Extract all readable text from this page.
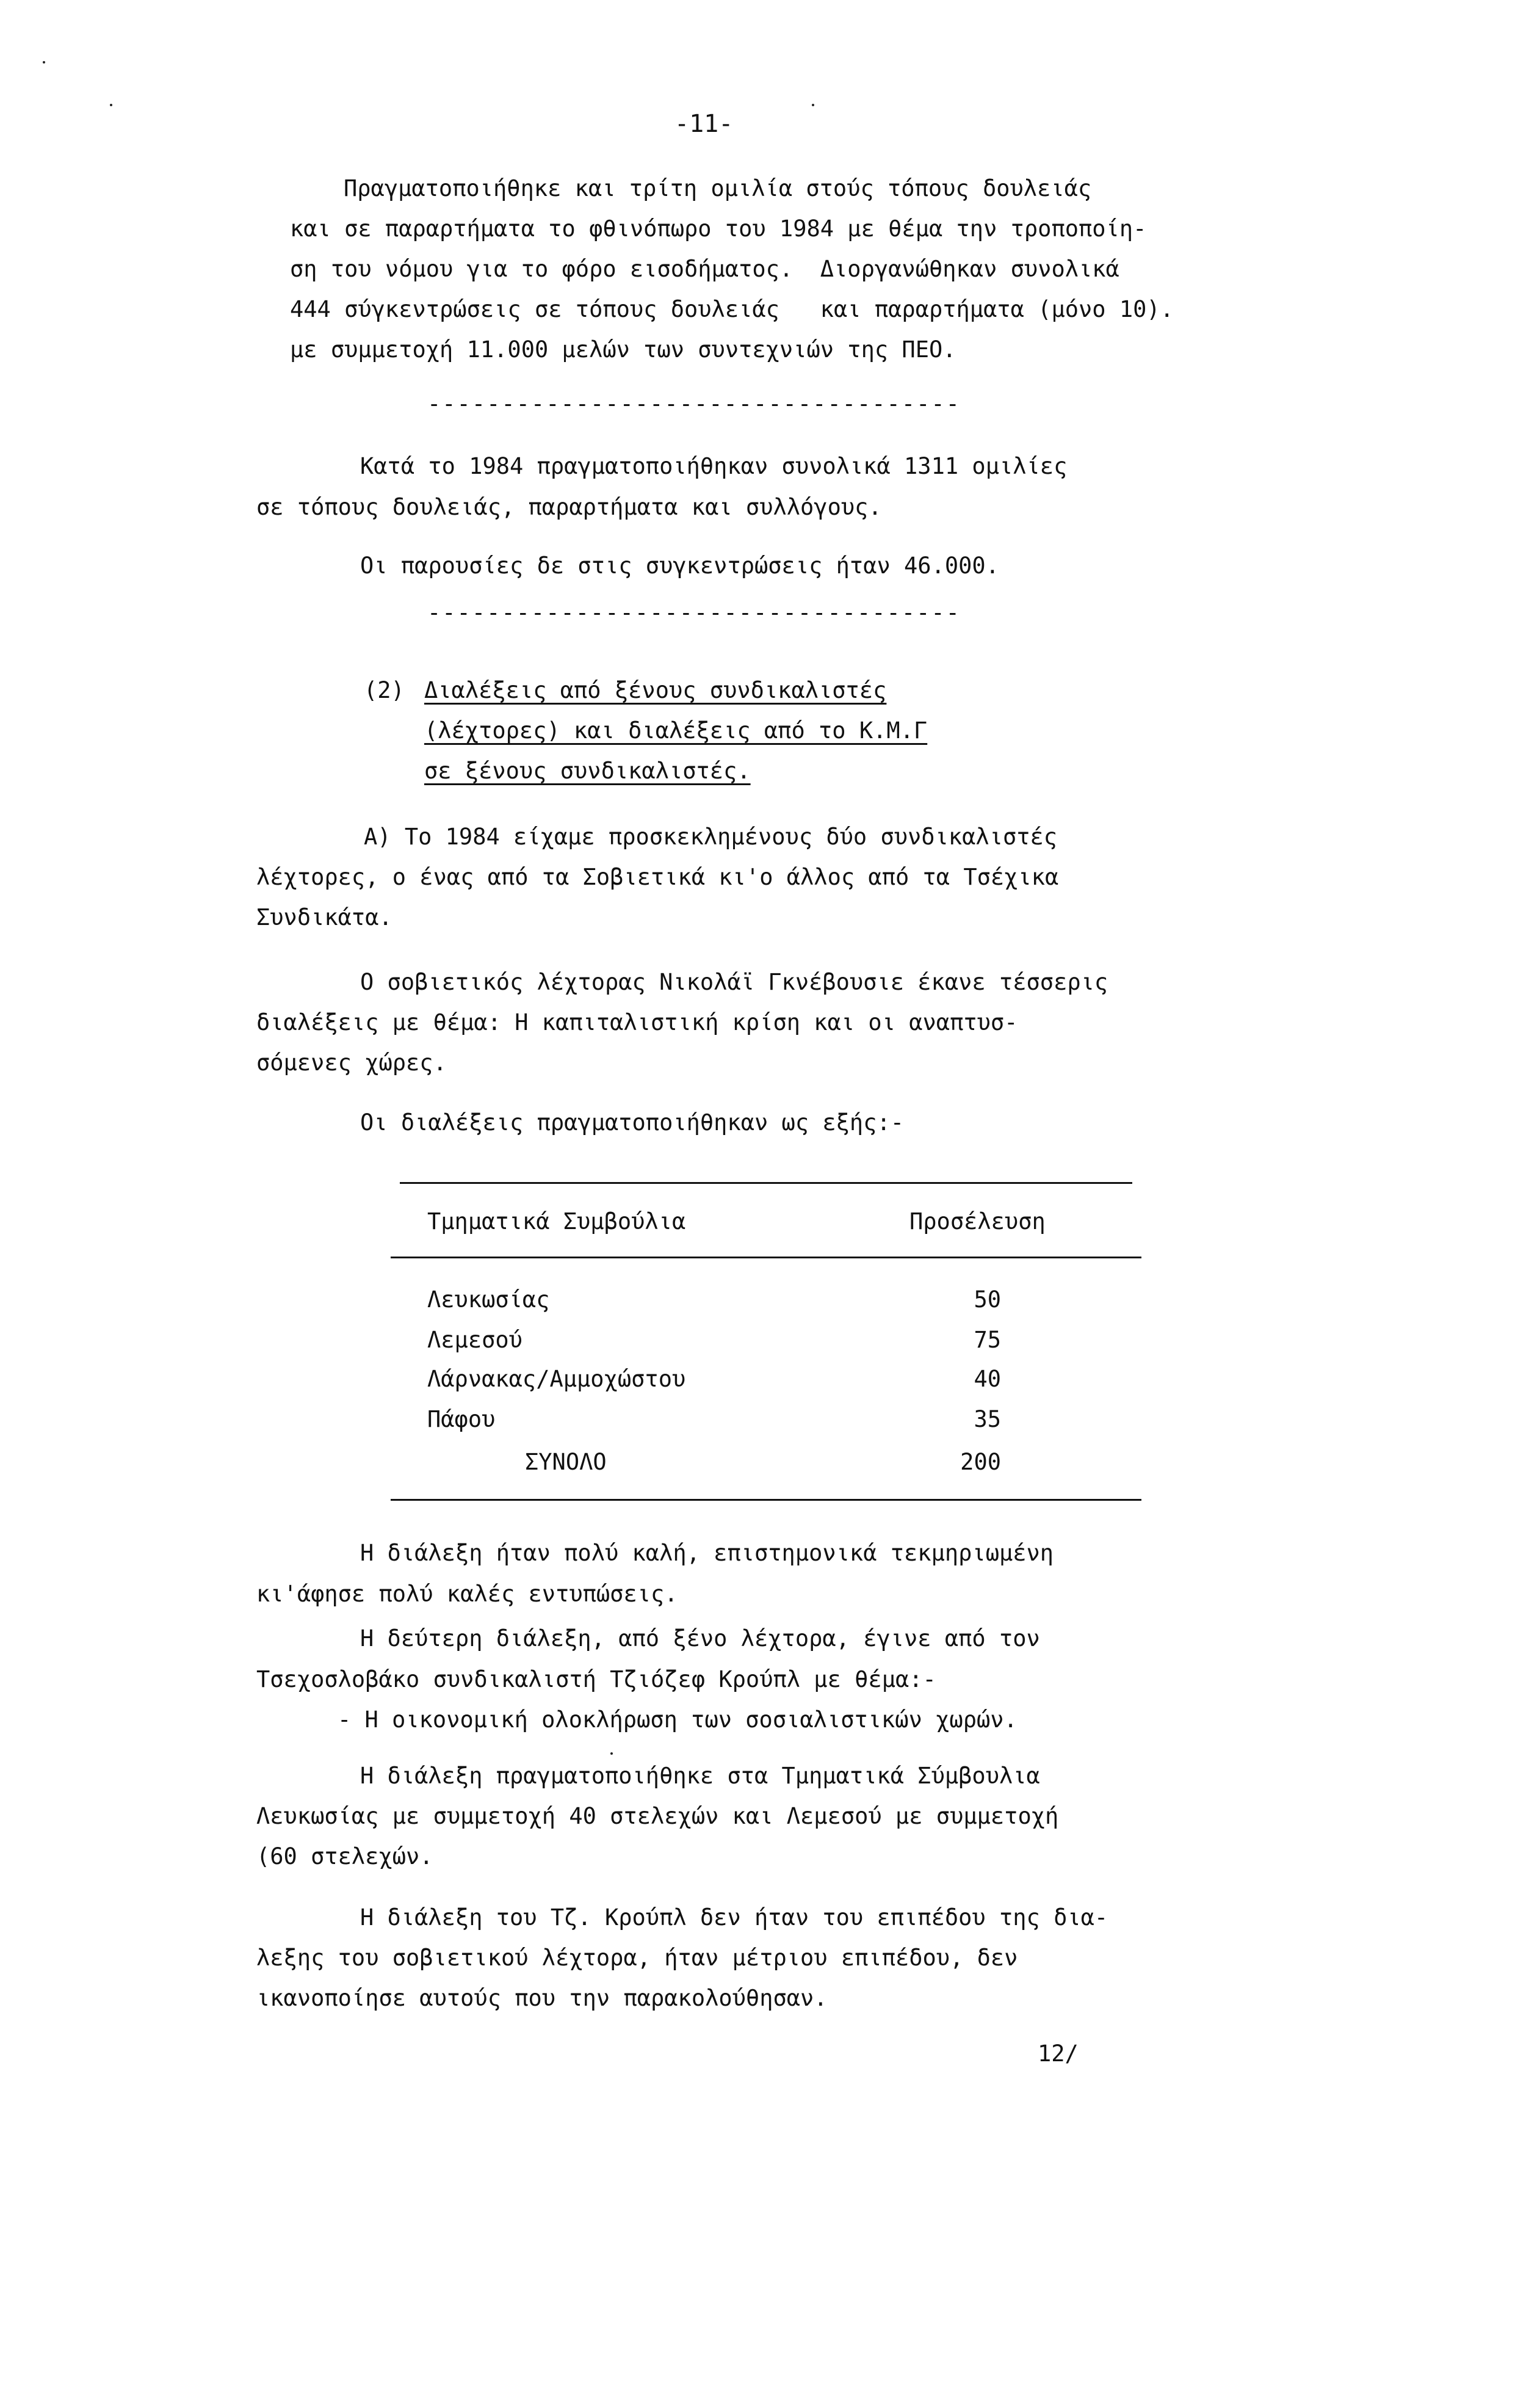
-11-
Πραγματοποιήθηκε και τρίτη ομιλία στούς τόπους δουλειάς
και σε παραρτήματα το φθινόπωρο του 1984 με θέμα την τροποποίη-
ση του νόμου για το φόρο εισοδήματος.  Διοργανώθηκαν συνολικά
444 σύγκεντρώσεις σε τόπους δουλειάς   και παραρτήματα (μόνο 10).
με συμμετοχή 11.000 μελών των συντεχνιών της ΠΕΟ.
------------------------------------
Κατά το 1984 πραγματοποιήθηκαν συνολικά 1311 ομιλίες
σε τόπους δουλειάς, παραρτήματα και συλλόγους.
Οι παρουσίες δε στις συγκεντρώσεις ήταν 46.000.
------------------------------------
(2) Διαλέξεις από ξένους συνδικαλιστές
(λέχτορες) και διαλέξεις από το Κ.Μ.Γ
σε ξένους συνδικαλιστές.
Α) Το 1984 είχαμε προσκεκλημένους δύο συνδικαλιστές
λέχτορες, ο ένας από τα Σοβιετικά κι'ο άλλος από τα Τσέχικα
Συνδικάτα.
Ο σοβιετικός λέχτορας Νικολάϊ Γκνέβουσιε έκανε τέσσερις
διαλέξεις με θέμα: Η καπιταλιστική κρίση και οι αναπτυσ-
σόμενες χώρες.
Οι διαλέξεις πραγματοποιήθηκαν ως εξής:-
Τμηματικά Συμβούλια	Προσέλευση
Λευκωσίας	50
Λεμεσού	75
Λάρνακας/Αμμοχώστου	40
Πάφου	35
ΣΥΝΟΛΟ	200
Η διάλεξη ήταν πολύ καλή, επιστημονικά τεκμηριωμένη
κι'άφησε πολύ καλές εντυπώσεις.
Η δεύτερη διάλεξη, από ξένο λέχτορα, έγινε από τον
Τσεχοσλοβάκο συνδικαλιστή Τζιόζεφ Κρούπλ με θέμα:-
- Η οικονομική ολοκλήρωση των σοσιαλιστικών χωρών.
Η διάλεξη πραγματοποιήθηκε στα Τμηματικά Σύμβουλια
Λευκωσίας με συμμετοχή 40 στελεχών και Λεμεσού με συμμετοχή
(60 στελεχών.
Η διάλεξη του Τζ. Κρούπλ δεν ήταν του επιπέδου της δια-
λεξης του σοβιετικού λέχτορα, ήταν μέτριου επιπέδου, δεν
ικανοποίησε αυτούς που την παρακολούθησαν.
12/
